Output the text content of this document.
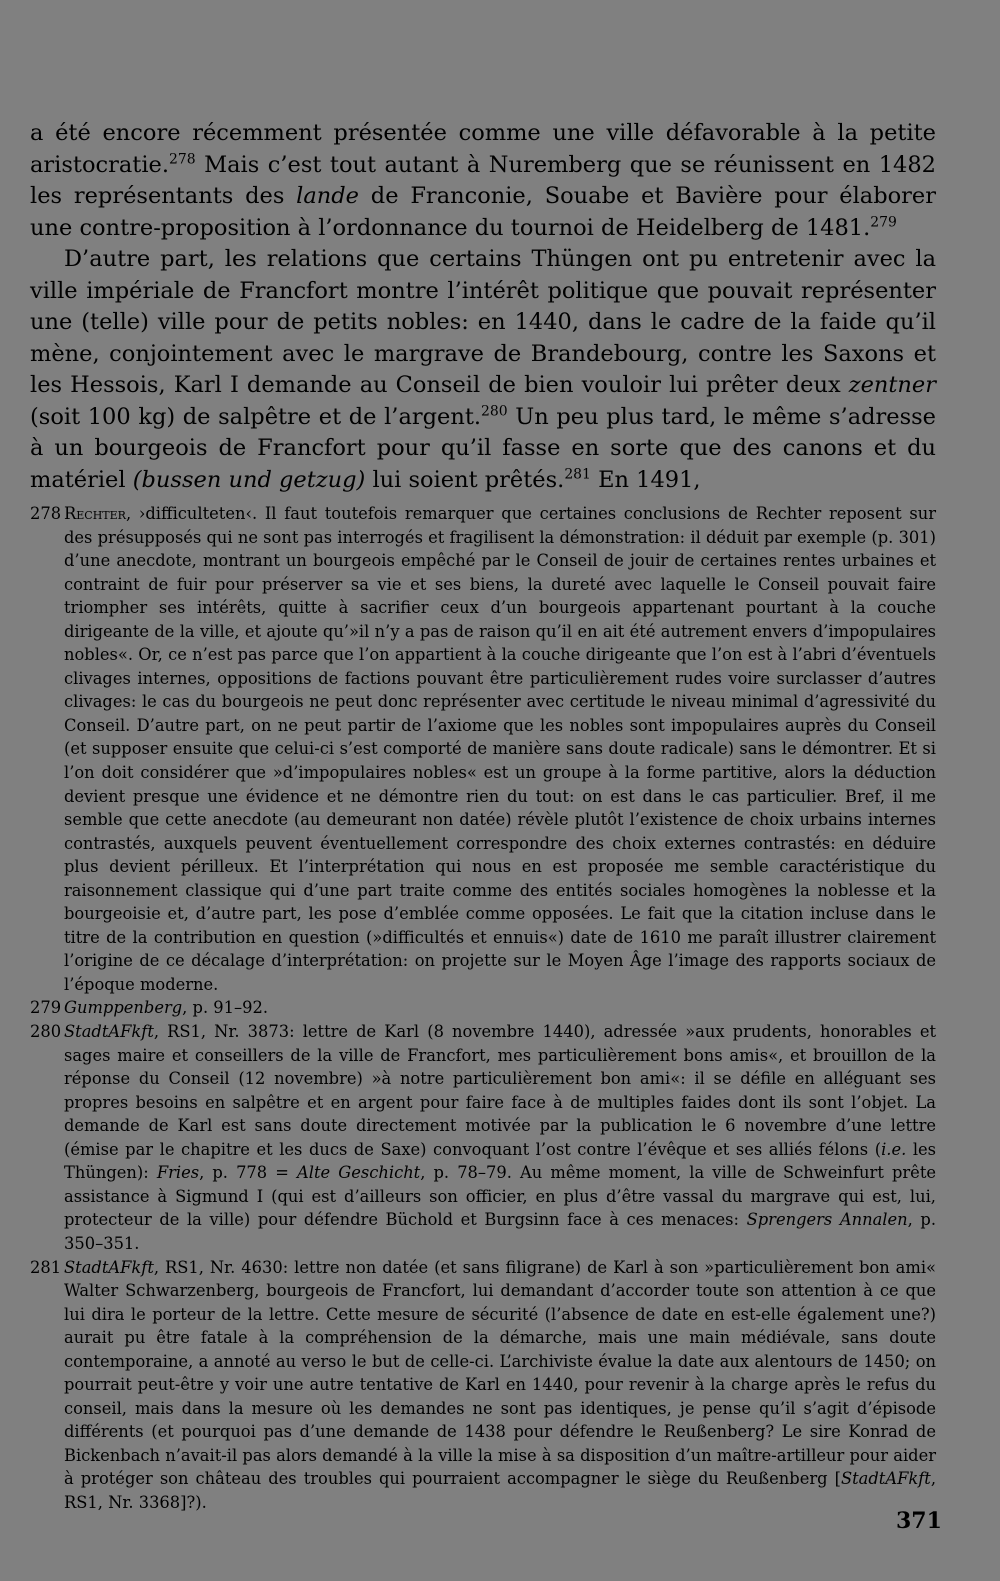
a été encore récemment présentée comme une ville défavorable à la petite aristocratie.$^{278}$ Mais c’est tout autant à Nuremberg que se réunissent en 1482 les représentants des lande de Franconie, Souabe et Bavière pour élaborer une contre-proposition à l’ordonnance du tournoi de Heidelberg de 1481.$^{279}$

D’autre part, les relations que certains Thüngen ont pu entretenir avec la ville impériale de Francfort montre l’intérêt politique que pouvait représenter une (telle) ville pour de petits nobles: en 1440, dans le cadre de la faide qu’il mène, conjointement avec le margrave de Brandebourg, contre les Saxons et les Hessois, Karl I demande au Conseil de bien vouloir lui prêter deux zentner (soit 100 kg) de salpêtre et de l’argent.$^{280}$ Un peu plus tard, le même s’adresse à un bourgeois de Francfort pour qu’il fasse en sorte que des canons et du matériel (bussen und getzug) lui soient prêtés.$^{281}$ En 1491,

278 Rechter, ›difficulteten‹. Il faut toutefois remarquer que certaines conclusions de Rechter reposent sur des présupposés qui ne sont pas interrogés et fragilisent la démonstration: il déduit par exemple (p. 301) d’une anecdote, montrant un bourgeois empêché par le Conseil de jouir de certaines rentes urbaines et contraint de fuir pour préserver sa vie et ses biens, la dureté avec laquelle le Conseil pouvait faire triompher ses intérêts, quitte à sacrifier ceux d’un bourgeois appartenant pourtant à la couche dirigeante de la ville, et ajoute qu’»il n’y a pas de raison qu’il en ait été autrement envers d’impopulaires nobles«. Or, ce n’est pas parce que l’on appartient à la couche dirigeante que l’on est à l’abri d’éventuels clivages internes, oppositions de factions pouvant être particulièrement rudes voire surclasser d’autres clivages: le cas du bourgeois ne peut donc représenter avec certitude le niveau minimal d’agressivité du Conseil. D’autre part, on ne peut partir de l’axiome que les nobles sont impopulaires auprès du Conseil (et supposer ensuite que celui-ci s’est comporté de manière sans doute radicale) sans le démontrer. Et si l’on doit considérer que »d’impopulaires nobles« est un groupe à la forme partitive, alors la déduction devient presque une évidence et ne démontre rien du tout: on est dans le cas particulier. Bref, il me semble que cette anecdote (au demeurant non datée) révèle plutôt l’existence de choix urbains internes contrastés, auxquels peuvent éventuellement correspondre des choix externes contrastés: en déduire plus devient périlleux. Et l’interprétation qui nous en est proposée me semble caractéristique du raisonnement classique qui d’une part traite comme des entités sociales homogènes la noblesse et la bourgeoisie et, d’autre part, les pose d’emblée comme opposées. Le fait que la citation incluse dans le titre de la contribution en question (»difficultés et ennuis«) date de 1610 me paraît illustrer clairement l’origine de ce décalage d’interprétation: on projette sur le Moyen Âge l’image des rapports sociaux de l’époque moderne.

279 Gumppenberg, p. 91–92.

280 StadtAFkft, RS1, Nr. 3873: lettre de Karl (8 novembre 1440), adressée »aux prudents, honorables et sages maire et conseillers de la ville de Francfort, mes particulièrement bons amis«, et brouillon de la réponse du Conseil (12 novembre) »à notre particulièrement bon ami«: il se défile en alléguant ses propres besoins en salpêtre et en argent pour faire face à de multiples faides dont ils sont l’objet. La demande de Karl est sans doute directement motivée par la publication le 6 novembre d’une lettre (émise par le chapitre et les ducs de Saxe) convoquant l’ost contre l’évêque et ses alliés félons (i.e. les Thüngen): Fries, p. 778 = Alte Geschicht, p. 78–79. Au même moment, la ville de Schweinfurt prête assistance à Sigmund I (qui est d’ailleurs son officier, en plus d’être vassal du margrave qui est, lui, protecteur de la ville) pour défendre Büchold et Burgsinn face à ces menaces: Sprengers Annalen, p. 350–351.

281 StadtAFkft, RS1, Nr. 4630: lettre non datée (et sans filigrane) de Karl à son »particulièrement bon ami« Walter Schwarzenberg, bourgeois de Francfort, lui demandant d’accorder toute son attention à ce que lui dira le porteur de la lettre. Cette mesure de sécurité (l’absence de date en est-elle également une?) aurait pu être fatale à la compréhension de la démarche, mais une main médiévale, sans doute contemporaine, a annoté au verso le but de celle-ci. L’archiviste évalue la date aux alentours de 1450; on pourrait peut-être y voir une autre tentative de Karl en 1440, pour revenir à la charge après le refus du conseil, mais dans la mesure où les demandes ne sont pas identiques, je pense qu’il s’agit d’épisode différents (et pourquoi pas d’une demande de 1438 pour défendre le Reußenberg? Le sire Konrad de Bickenbach n’avait-il pas alors demandé à la ville la mise à sa disposition d’un maître-artilleur pour aider à protéger son château des troubles qui pourraient accompagner le siège du Reußenberg [StadtAFkft, RS1, Nr. 3368]?).

371
